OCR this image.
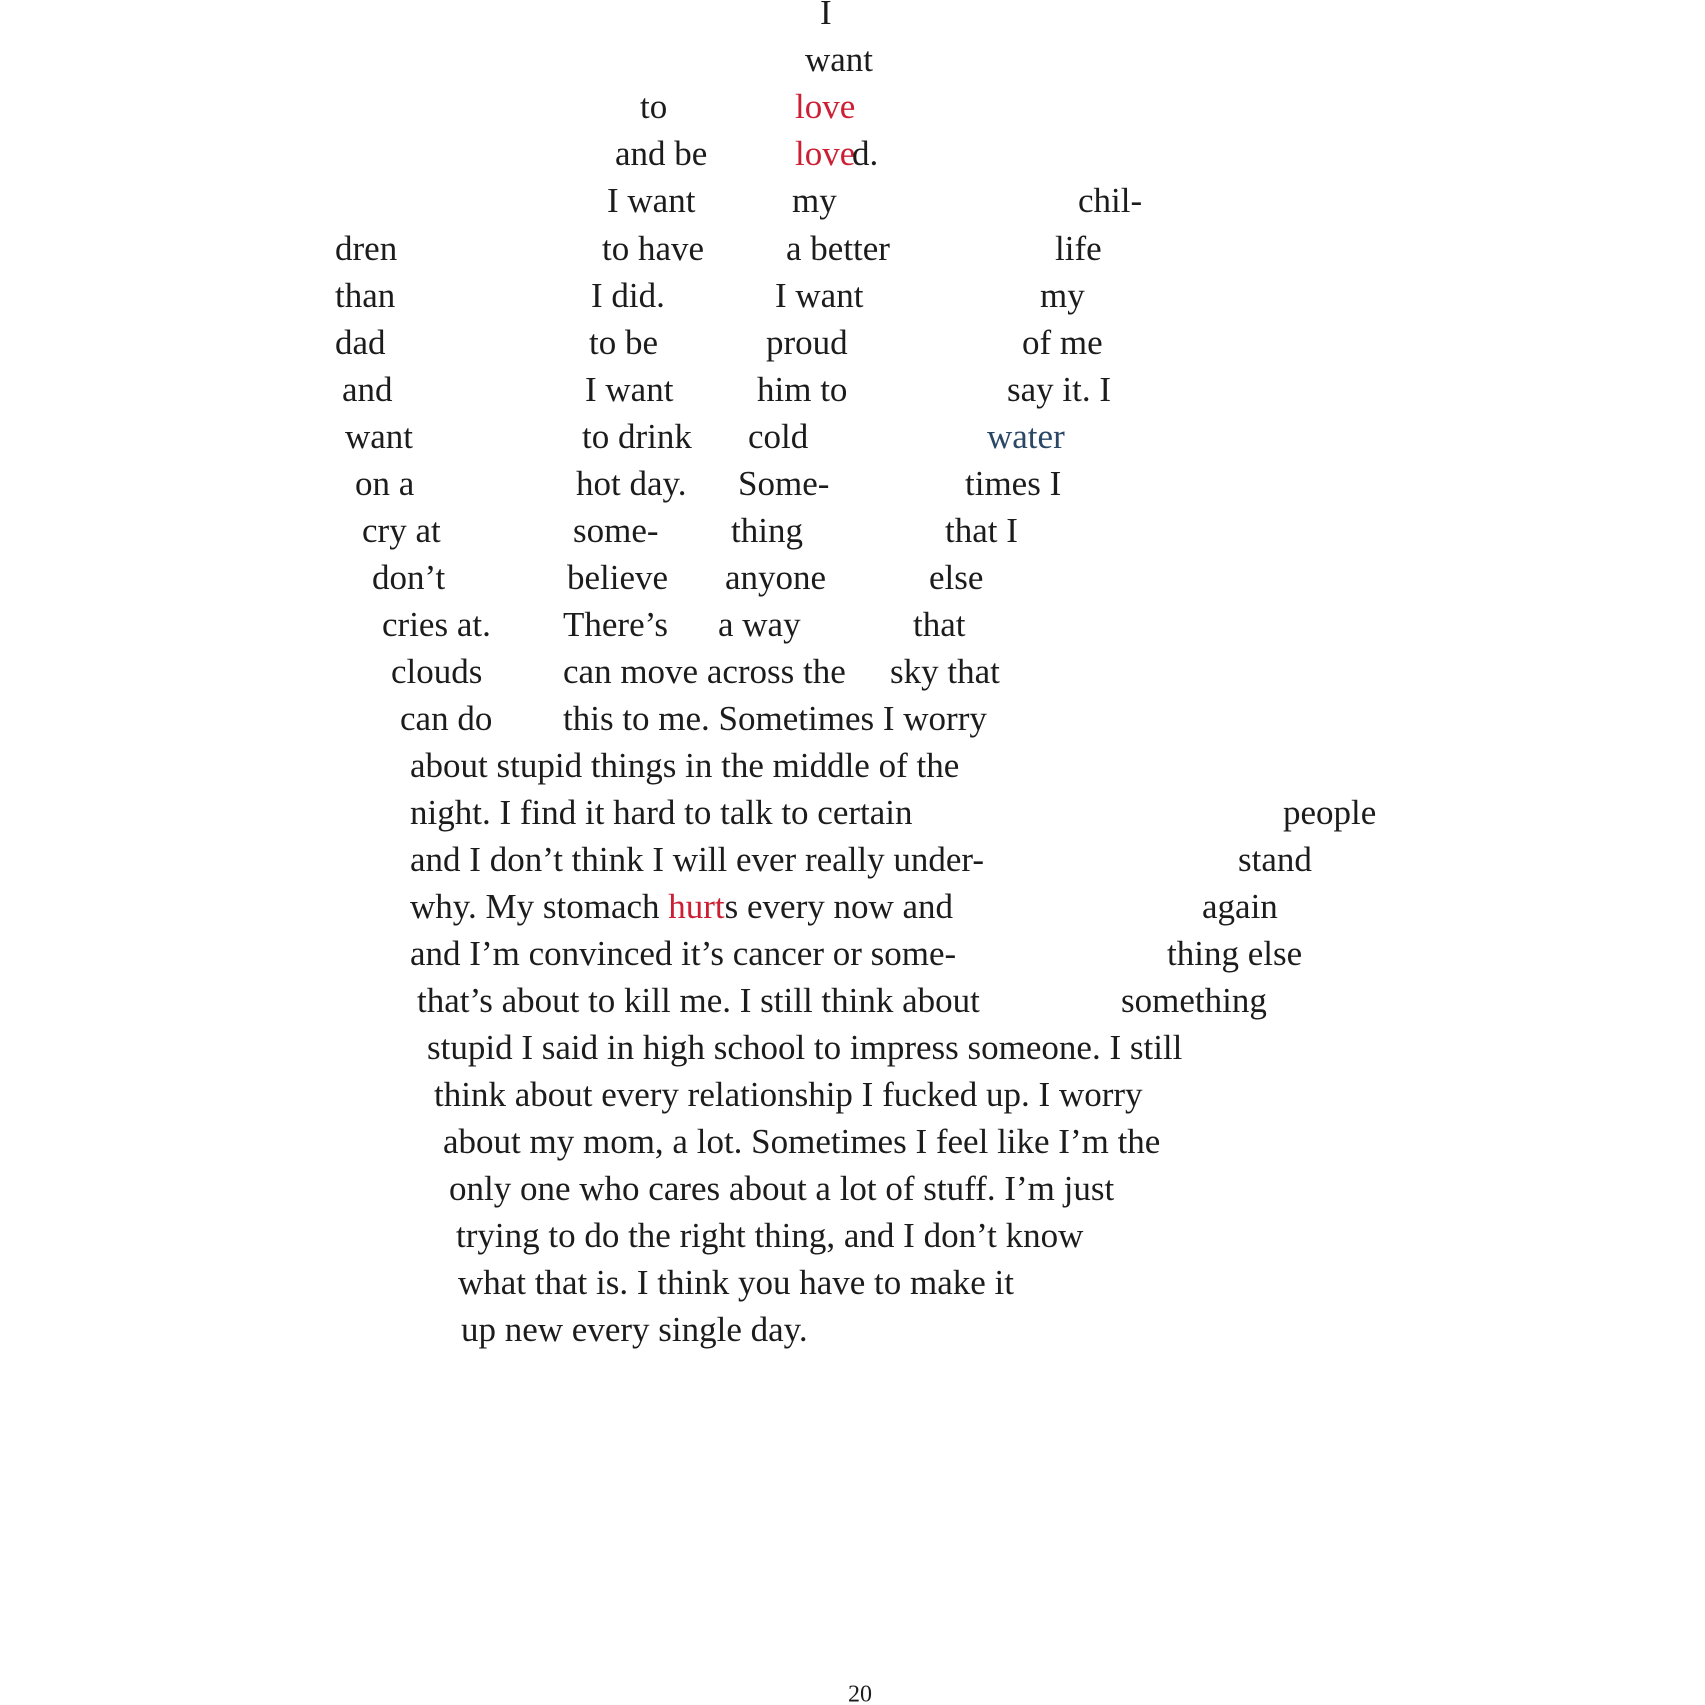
I
want
to	love
and be	love
d.
I want	my	chil-
dren	to have a better	life
than	I did.	I want	my
dad	to be	proud	of me
and	I want him to	say it. I
want	to drink cold	water
on a	hot day. Some-	times I
cry at	some- thing	that I
don’t	believe anyone	else
cries at. There’s a way	that
clouds can move across the sky that
can do this to me. Sometimes I worry
about stupid things in the middle of the
night. I find it hard to talk to certain	people
and I don’t think I will ever really under-	stand
why. My stomach hurts every now and	again
and I’m convinced it’s cancer or some-	thing else
that’s about to kill me. I still think about	something
stupid I said in high school to impress someone. I still
think about every relationship I fucked up. I worry
about my mom, a lot. Sometimes I feel like I’m the
only one who cares about a lot of stuff. I’m just
trying to do the right thing, and I don’t know
what that is. I think you have to make it
up new every single day.
20
